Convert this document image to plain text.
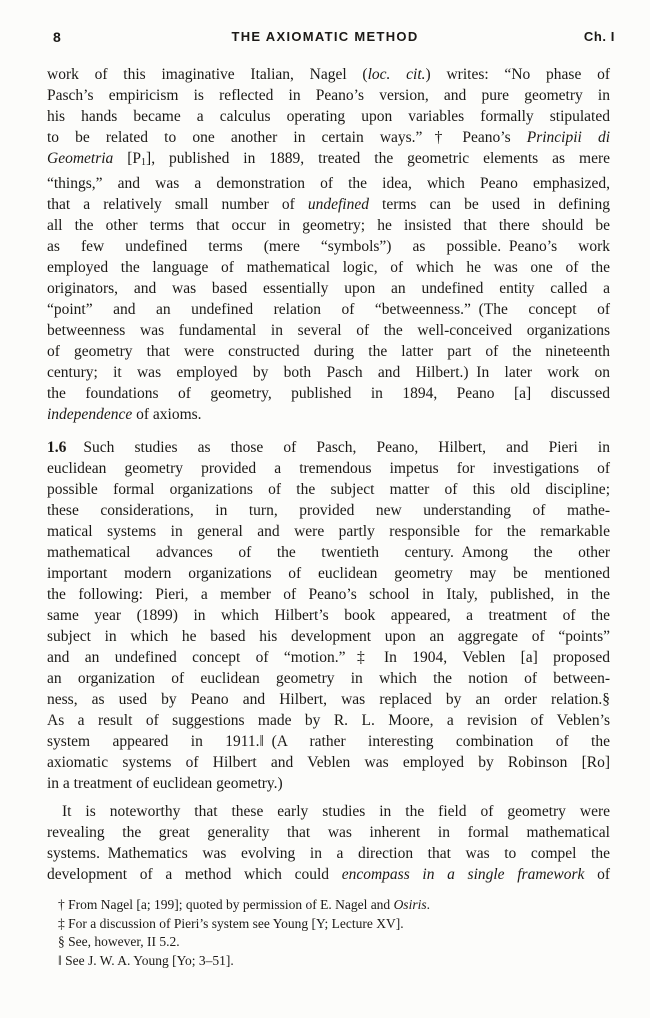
8	THE AXIOMATIC METHOD	Ch. I
work of this imaginative Italian, Nagel (loc. cit.) writes: “No phase of
Pasch’s empiricism is reflected in Peano’s version, and pure geometry in
his hands became a calculus operating upon variables formally stipulated
to be related to one another in certain ways.”† Peano’s Principii di
Geometria [P1], published in 1889, treated the geometric elements as mere
“things,” and was a demonstration of the idea, which Peano emphasized,
that a relatively small number of undefined terms can be used in defining
all the other terms that occur in geometry; he insisted that there should be
as few undefined terms (mere “symbols”) as possible. Peano’s work
employed the language of mathematical logic, of which he was one of the
originators, and was based essentially upon an undefined entity called a
“point” and an undefined relation of “betweenness.” (The concept of
betweenness was fundamental in several of the well-conceived organizations
of geometry that were constructed during the latter part of the nineteenth
century; it was employed by both Pasch and Hilbert.) In later work on
the foundations of geometry, published in 1894, Peano [a] discussed
independence of axioms.
1.6 Such studies as those of Pasch, Peano, Hilbert, and Pieri in
euclidean geometry provided a tremendous impetus for investigations of
possible formal organizations of the subject matter of this old discipline;
these considerations, in turn, provided new understanding of mathe-
matical systems in general and were partly responsible for the remarkable
mathematical advances of the twentieth century. Among the other
important modern organizations of euclidean geometry may be mentioned
the following: Pieri, a member of Peano’s school in Italy, published, in the
same year (1899) in which Hilbert’s book appeared, a treatment of the
subject in which he based his development upon an aggregate of “points”
and an undefined concept of “motion.”‡ In 1904, Veblen [a] proposed
an organization of euclidean geometry in which the notion of between-
ness, as used by Peano and Hilbert, was replaced by an order relation.§
As a result of suggestions made by R. L. Moore, a revision of Veblen’s
system appeared in 1911.‖ (A rather interesting combination of the
axiomatic systems of Hilbert and Veblen was employed by Robinson [Ro]
in a treatment of euclidean geometry.)
It is noteworthy that these early studies in the field of geometry were
revealing the great generality that was inherent in formal mathematical
systems. Mathematics was evolving in a direction that was to compel the
development of a method which could encompass in a single framework of
† From Nagel [a; 199]; quoted by permission of E. Nagel and Osiris.
‡ For a discussion of Pieri’s system see Young [Y; Lecture XV].
§ See, however, II 5.2.
‖ See J. W. A. Young [Yo; 3–51].
